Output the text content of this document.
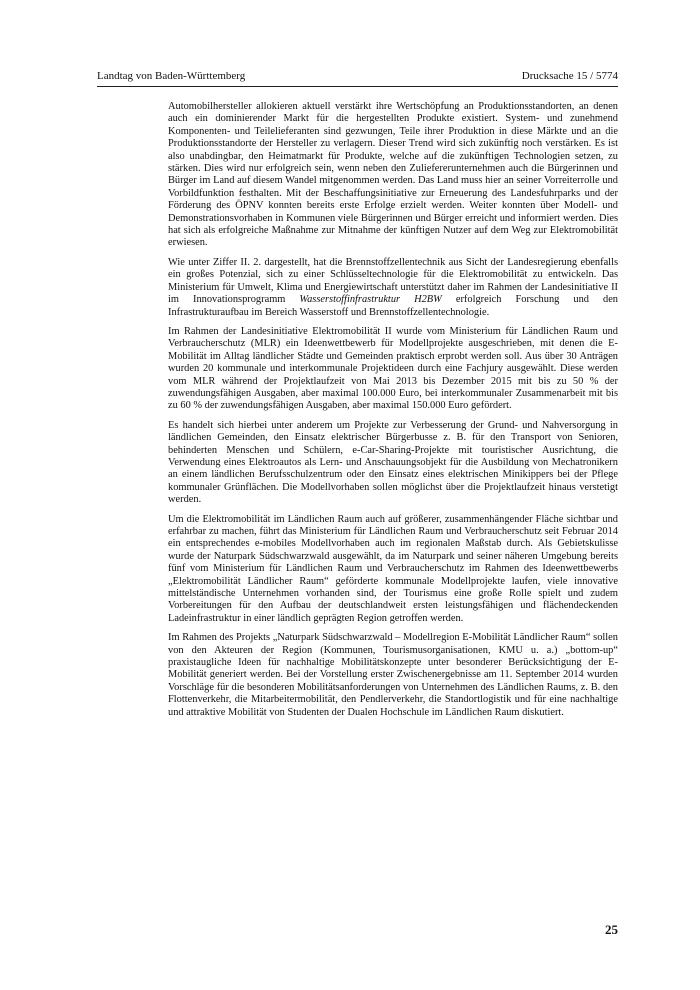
Landtag von Baden-Württemberg	Drucksache 15 / 5774

Automobilhersteller allokieren aktuell verstärkt ihre Wertschöpfung an Produktionsstandorten, an denen auch ein dominierender Markt für die hergestellten Produkte existiert. System- und zunehmend Komponenten- und Teilelieferanten sind gezwungen, Teile ihrer Produktion in diese Märkte und an die Produktionsstandorte der Hersteller zu verlagern. Dieser Trend wird sich zukünftig noch verstärken. Es ist also unabdingbar, den Heimatmarkt für Produkte, welche auf die zukünftigen Technologien setzen, zu stärken. Dies wird nur erfolgreich sein, wenn neben den Zuliefererunternehmen auch die Bürgerinnen und Bürger im Land auf diesem Wandel mitgenommen werden. Das Land muss hier an seiner Vorreiterrolle und Vorbildfunktion festhalten. Mit der Beschaffungsinitiative zur Erneuerung des Landesfuhrparks und der Förderung des ÖPNV konnten bereits erste Erfolge erzielt werden. Weiter konnten über Modell- und Demonstrationsvorhaben in Kommunen viele Bürgerinnen und Bürger erreicht und informiert werden. Dies hat sich als erfolgreiche Maßnahme zur Mitnahme der künftigen Nutzer auf dem Weg zur Elektromobilität erwiesen.

Wie unter Ziffer II. 2. dargestellt, hat die Brennstoffzellentechnik aus Sicht der Landesregierung ebenfalls ein großes Potenzial, sich zu einer Schlüsseltechnologie für die Elektromobilität zu entwickeln. Das Ministerium für Umwelt, Klima und Energiewirtschaft unterstützt daher im Rahmen der Landesinitiative II im Innovationsprogramm Wasserstoffinfrastruktur H2BW erfolgreich Forschung und den Infrastrukturaufbau im Bereich Wasserstoff und Brennstoffzellentechnologie.

Im Rahmen der Landesinitiative Elektromobilität II wurde vom Ministerium für Ländlichen Raum und Verbraucherschutz (MLR) ein Ideenwettbewerb für Modellprojekte ausgeschrieben, mit denen die E-Mobilität im Alltag ländlicher Städte und Gemeinden praktisch erprobt werden soll. Aus über 30 Anträgen wurden 20 kommunale und interkommunale Projektideen durch eine Fachjury ausgewählt. Diese werden vom MLR während der Projektlaufzeit von Mai 2013 bis Dezember 2015 mit bis zu 50 % der zuwendungsfähigen Ausgaben, aber maximal 100.000 Euro, bei interkommunaler Zusammenarbeit mit bis zu 60 % der zuwendungsfähigen Ausgaben, aber maximal 150.000 Euro gefördert.

Es handelt sich hierbei unter anderem um Projekte zur Verbesserung der Grund- und Nahversorgung in ländlichen Gemeinden, den Einsatz elektrischer Bürgerbusse z. B. für den Transport von Senioren, behinderten Menschen und Schülern, e-Car-Sharing-Projekte mit touristischer Ausrichtung, die Verwendung eines Elektroautos als Lern- und Anschauungsobjekt für die Ausbildung von Mechatronikern an einem ländlichen Berufsschulzentrum oder den Einsatz eines elektrischen Minikippers bei der Pflege kommunaler Grünflächen. Die Modellvorhaben sollen möglichst über die Projektlaufzeit hinaus verstetigt werden.

Um die Elektromobilität im Ländlichen Raum auch auf größerer, zusammenhängender Fläche sichtbar und erfahrbar zu machen, führt das Ministerium für Ländlichen Raum und Verbraucherschutz seit Februar 2014 ein entsprechendes e-mobiles Modellvorhaben auch im regionalen Maßstab durch. Als Gebietskulisse wurde der Naturpark Südschwarzwald ausgewählt, da im Naturpark und seiner näheren Umgebung bereits fünf vom Ministerium für Ländlichen Raum und Verbraucherschutz im Rahmen des Ideenwettbewerbs „Elektromobilität Ländlicher Raum“ geförderte kommunale Modellprojekte laufen, viele innovative mittelständische Unternehmen vorhanden sind, der Tourismus eine große Rolle spielt und zudem Vorbereitungen für den Aufbau der deutschlandweit ersten leistungsfähigen und flächendeckenden Ladeinfrastruktur in einer ländlich geprägten Region getroffen werden.

Im Rahmen des Projekts „Naturpark Südschwarzwald – Modellregion E-Mobilität Ländlicher Raum“ sollen von den Akteuren der Region (Kommunen, Tourismusorganisationen, KMU u. a.) „bottom-up“ praxistaugliche Ideen für nachhaltige Mobilitätskonzepte unter besonderer Berücksichtigung der E-Mobilität generiert werden. Bei der Vorstellung erster Zwischenergebnisse am 11. September 2014 wurden Vorschläge für die besonderen Mobilitätsanforderungen von Unternehmen des Ländlichen Raums, z. B. den Flottenverkehr, die Mitarbeitermobilität, den Pendlerverkehr, die Standortlogistik und für eine nachhaltige und attraktive Mobilität von Studenten der Dualen Hochschule im Ländlichen Raum diskutiert.

25
